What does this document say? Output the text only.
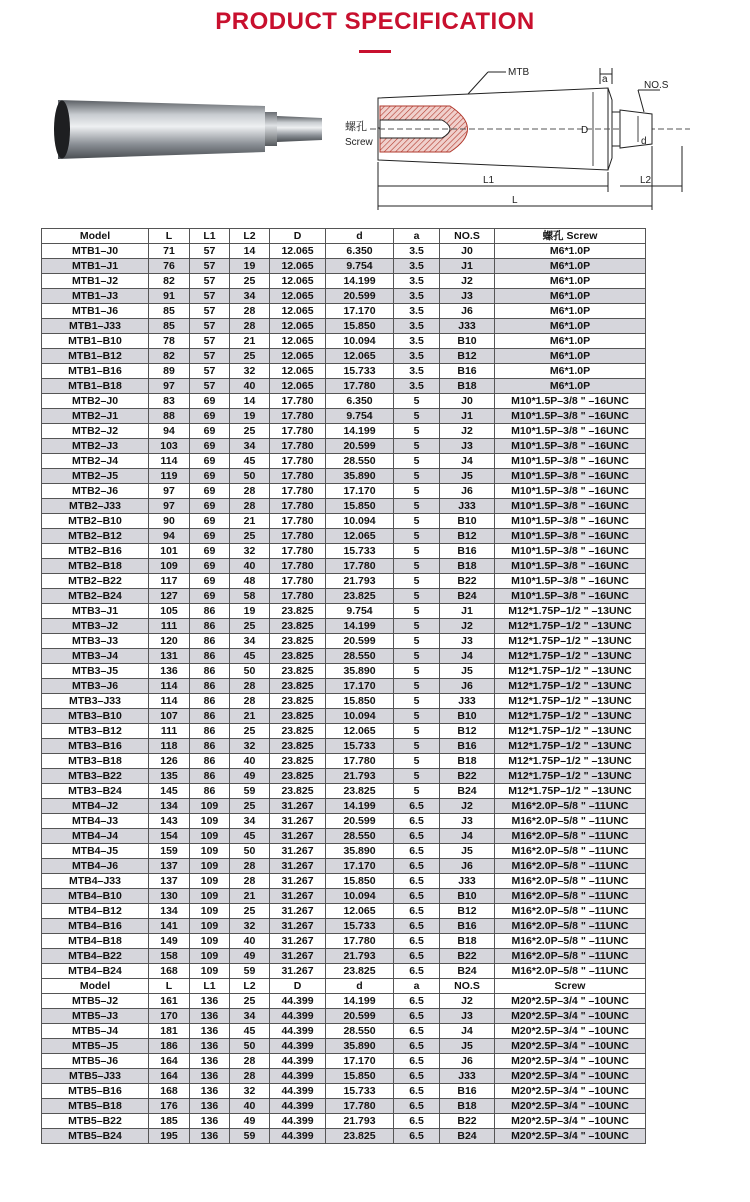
PRODUCT SPECIFICATION
MTB
a
NO.S
螺孔
Screw
D
d
L1	L2
L
Model	L	L1	L2	D	d	a	NO.S	螺孔 Screw
MTB1–J0	71	57	14	12.065	6.350	3.5	J0	M6*1.0P
MTB1–J1	76	57	19	12.065	9.754	3.5	J1	M6*1.0P
MTB1–J2	82	57	25	12.065	14.199	3.5	J2	M6*1.0P
MTB1–J3	91	57	34	12.065	20.599	3.5	J3	M6*1.0P
MTB1–J6	85	57	28	12.065	17.170	3.5	J6	M6*1.0P
MTB1–J33	85	57	28	12.065	15.850	3.5	J33	M6*1.0P
MTB1–B10	78	57	21	12.065	10.094	3.5	B10	M6*1.0P
MTB1–B12	82	57	25	12.065	12.065	3.5	B12	M6*1.0P
MTB1–B16	89	57	32	12.065	15.733	3.5	B16	M6*1.0P
MTB1–B18	97	57	40	12.065	17.780	3.5	B18	M6*1.0P
MTB2–J0	83	69	14	17.780	6.350	5	J0	M10*1.5P–3/8 " –16UNC
MTB2–J1	88	69	19	17.780	9.754	5	J1	M10*1.5P–3/8 " –16UNC
MTB2–J2	94	69	25	17.780	14.199	5	J2	M10*1.5P–3/8 " –16UNC
MTB2–J3	103	69	34	17.780	20.599	5	J3	M10*1.5P–3/8 " –16UNC
MTB2–J4	114	69	45	17.780	28.550	5	J4	M10*1.5P–3/8 " –16UNC
MTB2–J5	119	69	50	17.780	35.890	5	J5	M10*1.5P–3/8 " –16UNC
MTB2–J6	97	69	28	17.780	17.170	5	J6	M10*1.5P–3/8 " –16UNC
MTB2–J33	97	69	28	17.780	15.850	5	J33	M10*1.5P–3/8 " –16UNC
MTB2–B10	90	69	21	17.780	10.094	5	B10	M10*1.5P–3/8 " –16UNC
MTB2–B12	94	69	25	17.780	12.065	5	B12	M10*1.5P–3/8 " –16UNC
MTB2–B16	101	69	32	17.780	15.733	5	B16	M10*1.5P–3/8 " –16UNC
MTB2–B18	109	69	40	17.780	17.780	5	B18	M10*1.5P–3/8 " –16UNC
MTB2–B22	117	69	48	17.780	21.793	5	B22	M10*1.5P–3/8 " –16UNC
MTB2–B24	127	69	58	17.780	23.825	5	B24	M10*1.5P–3/8 " –16UNC
MTB3–J1	105	86	19	23.825	9.754	5	J1	M12*1.75P–1/2 " –13UNC
MTB3–J2	111	86	25	23.825	14.199	5	J2	M12*1.75P–1/2 " –13UNC
MTB3–J3	120	86	34	23.825	20.599	5	J3	M12*1.75P–1/2 " –13UNC
MTB3–J4	131	86	45	23.825	28.550	5	J4	M12*1.75P–1/2 " –13UNC
MTB3–J5	136	86	50	23.825	35.890	5	J5	M12*1.75P–1/2 " –13UNC
MTB3–J6	114	86	28	23.825	17.170	5	J6	M12*1.75P–1/2 " –13UNC
MTB3–J33	114	86	28	23.825	15.850	5	J33	M12*1.75P–1/2 " –13UNC
MTB3–B10	107	86	21	23.825	10.094	5	B10	M12*1.75P–1/2 " –13UNC
MTB3–B12	111	86	25	23.825	12.065	5	B12	M12*1.75P–1/2 " –13UNC
MTB3–B16	118	86	32	23.825	15.733	5	B16	M12*1.75P–1/2 " –13UNC
MTB3–B18	126	86	40	23.825	17.780	5	B18	M12*1.75P–1/2 " –13UNC
MTB3–B22	135	86	49	23.825	21.793	5	B22	M12*1.75P–1/2 " –13UNC
MTB3–B24	145	86	59	23.825	23.825	5	B24	M12*1.75P–1/2 " –13UNC
MTB4–J2	134	109	25	31.267	14.199	6.5	J2	M16*2.0P–5/8 " –11UNC
MTB4–J3	143	109	34	31.267	20.599	6.5	J3	M16*2.0P–5/8 " –11UNC
MTB4–J4	154	109	45	31.267	28.550	6.5	J4	M16*2.0P–5/8 " –11UNC
MTB4–J5	159	109	50	31.267	35.890	6.5	J5	M16*2.0P–5/8 " –11UNC
MTB4–J6	137	109	28	31.267	17.170	6.5	J6	M16*2.0P–5/8 " –11UNC
MTB4–J33	137	109	28	31.267	15.850	6.5	J33	M16*2.0P–5/8 " –11UNC
MTB4–B10	130	109	21	31.267	10.094	6.5	B10	M16*2.0P–5/8 " –11UNC
MTB4–B12	134	109	25	31.267	12.065	6.5	B12	M16*2.0P–5/8 " –11UNC
MTB4–B16	141	109	32	31.267	15.733	6.5	B16	M16*2.0P–5/8 " –11UNC
MTB4–B18	149	109	40	31.267	17.780	6.5	B18	M16*2.0P–5/8 " –11UNC
MTB4–B22	158	109	49	31.267	21.793	6.5	B22	M16*2.0P–5/8 " –11UNC
MTB4–B24	168	109	59	31.267	23.825	6.5	B24	M16*2.0P–5/8 " –11UNC
Model	L	L1	L2	D	d	a	NO.S	Screw
MTB5–J2	161	136	25	44.399	14.199	6.5	J2	M20*2.5P–3/4 " –10UNC
MTB5–J3	170	136	34	44.399	20.599	6.5	J3	M20*2.5P–3/4 " –10UNC
MTB5–J4	181	136	45	44.399	28.550	6.5	J4	M20*2.5P–3/4 " –10UNC
MTB5–J5	186	136	50	44.399	35.890	6.5	J5	M20*2.5P–3/4 " –10UNC
MTB5–J6	164	136	28	44.399	17.170	6.5	J6	M20*2.5P–3/4 " –10UNC
MTB5–J33	164	136	28	44.399	15.850	6.5	J33	M20*2.5P–3/4 " –10UNC
MTB5–B16	168	136	32	44.399	15.733	6.5	B16	M20*2.5P–3/4 " –10UNC
MTB5–B18	176	136	40	44.399	17.780	6.5	B18	M20*2.5P–3/4 " –10UNC
MTB5–B22	185	136	49	44.399	21.793	6.5	B22	M20*2.5P–3/4 " –10UNC
MTB5–B24	195	136	59	44.399	23.825	6.5	B24	M20*2.5P–3/4 " –10UNC
